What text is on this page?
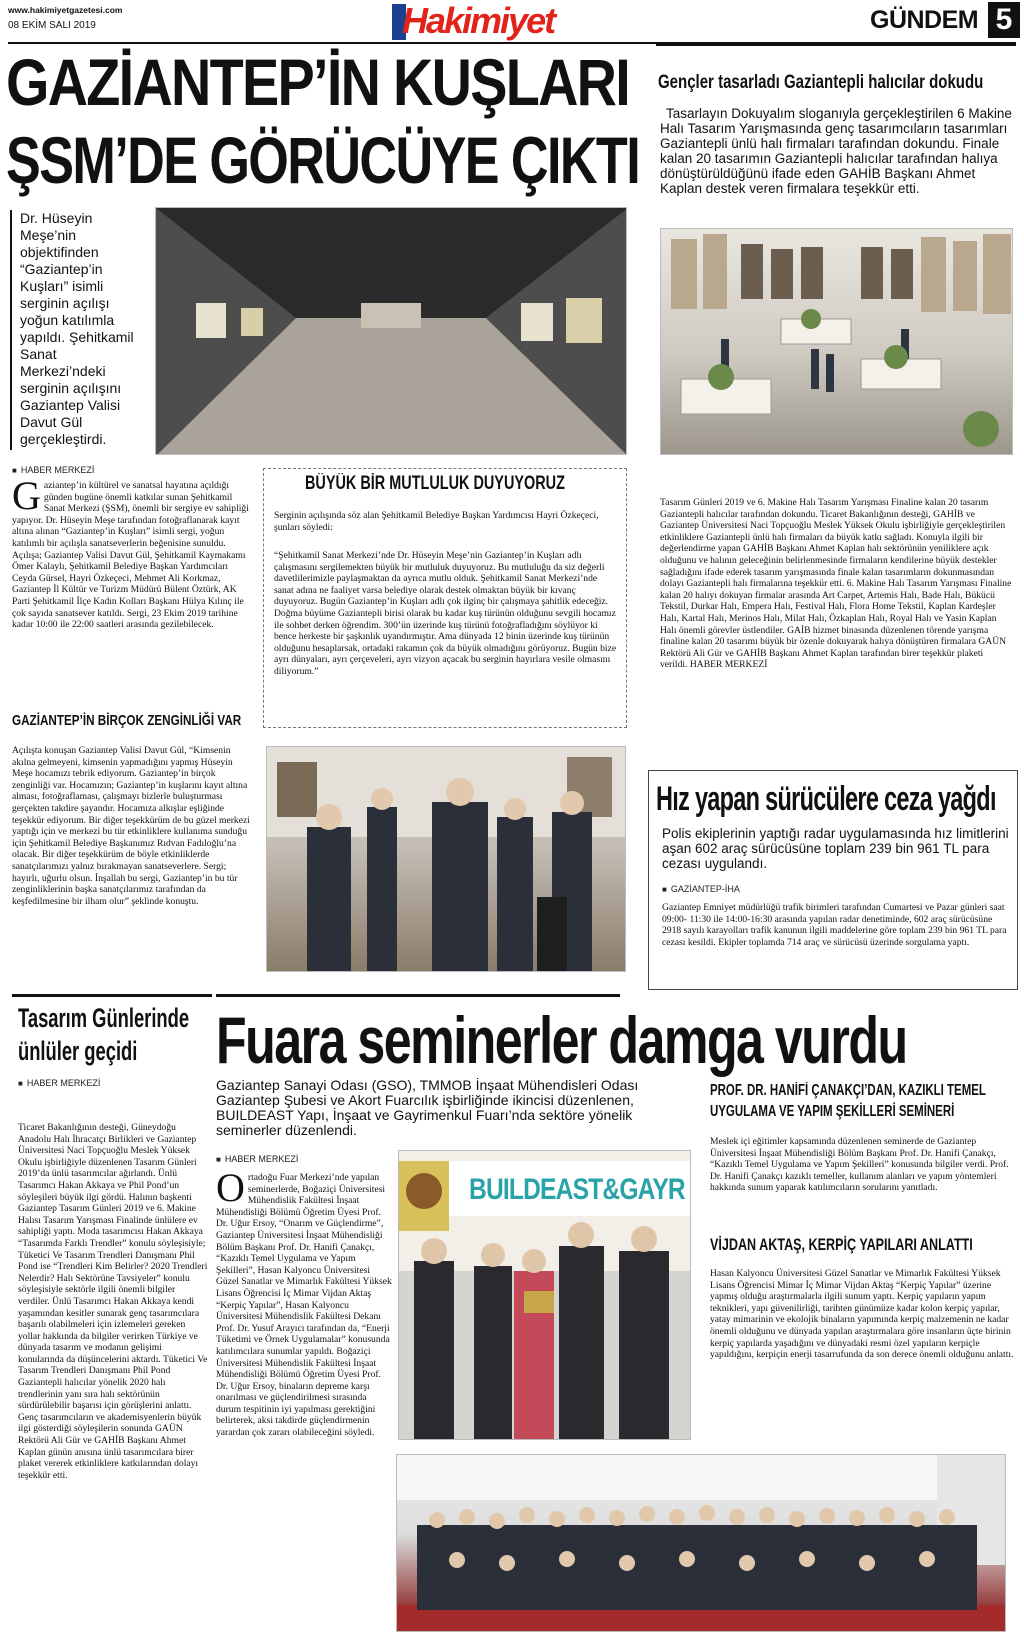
www.hakimiyetgazetesi.com
08 EKİM SALI 2019	Hakimiyet	GÜNDEM 5
GAZİANTEP’İN KUŞLARI
ŞSM’DE GÖRÜCÜYE ÇIKTI
Dr. Hüseyin Meşe’nin objektifinden “Gaziantep’in Kuşları” isimli serginin açılışı yoğun katılımla yapıldı. Şehitkamil Sanat Merkezi’ndeki serginin açılışını Gaziantep Valisi Davut Gül gerçekleştirdi.
■ HABER MERKEZİ
Gaziantep’in kültürel ve sanatsal hayatına açıldığı günden bugüne önemli katkılar sunan Şehitkamil Sanat Merkezi (ŞSM), önemli bir sergiye ev sahipliği yapıyor. Dr. Hüseyin Meşe tarafından fotoğraflanarak kayıt altına alınan “Gaziantep’in Kuşları” isimli sergi, yoğun katılımlı bir açılışla sanatseverlerin beğenisine sunuldu. Açılışa; Gaziantep Valisi Davut Gül, Şehitkamil Kaymakamı Ömer Kalaylı, Şehitkamil Belediye Başkan Yardımcıları Ceyda Gürsel, Hayri Özkeçeci, Mehmet Ali Korkmaz, Gaziantep İl Kültür ve Turizm Müdürü Bülent Öztürk, AK Parti Şehitkamil İlçe Kadın Kolları Başkanı Hülya Kılınç ile çok sayıda sanatsever katıldı. Sergi, 23 Ekim 2019 tarihine kadar 10:00 ile 22:00 saatleri arasında gezilebilecek.
GAZİANTEP’İN BİRÇOK ZENGİNLİĞİ VAR
Açılışta konuşan Gaziantep Valisi Davut Gül, “Kimsenin akılna gelmeyeni, kimsenin yapmadığını yapmış Hüseyin Meşe hocamızı tebrik ediyorum. Gaziantep’in birçok zenginliği var. Hocamızın; Gaziantep’in kuşlarını kayıt altına alması, fotoğraflaması, çalışmayı bizlerle buluşturması gerçekten takdire şayandır. Hocamıza alkışlar eşliğinde teşekkür ediyorum. Bir diğer teşekkürüm de bu güzel merkezi yaptığı için ve merkezi bu tür etkinliklere kullanıma sunduğu için Şehitkamil Belediye Başkanımız Rıdvan Fadıloğlu’na olacak. Bir diğer teşekkürüm de böyle etkinliklerde sanatçılarımızı yalnız bırakmayan sanatseverlere. Sergi; hayırlı, uğurlu olsun. İnşallah bu sergi, Gaziantep’in bu tür zenginliklerinin başka sanatçılarımız tarafından da keşfedilmesine bir ilham olur” şeklinde konuştu.
BÜYÜK BİR MUTLULUK DUYUYORUZ
Serginin açılışında söz alan Şehitkamil Belediye Başkan Yardımcısı Hayri Özkeçeci, şunları söyledi:
“Şehitkamil Sanat Merkezi’nde Dr. Hüseyin Meşe’nin Gaziantep’in Kuşları adlı çalışmasını sergilemekten büyük bir mutluluk duyuyoruz. Bu mutluluğu da siz değerli davetlilerimizle paylaşmaktan da ayrıca mutlu olduk. Şehitkamil Sanat Merkezi’nde sanat adına ne faaliyet varsa belediye olarak destek olmaktan büyük bir kıvanç duyuyoruz. Bugün Gaziantep’in Kuşları adlı çok ilginç bir çalışmaya şahitlik edeceğiz. Doğma büyüme Gaziantepli birisi olarak bu kadar kuş türünün olduğunu sevgili hocamız ile sohbet derken öğrendim. 300’ün üzerinde kuş türünü fotoğrafladığını söylüyor ki bence herkeste bir şaşkınlık uyandırmıştır. Ama dünyada 12 binin üzerinde kuş türünün olduğunu hesaplarsak, ortadaki rakamın çok da büyük olmadığını görüyoruz. Bugün bize ayrı dünyaları, ayrı çerçeveleri, ayrı vizyon açacak bu serginin hayırlara vesile olmasını diliyorum.”
Gençler tasarladı Gaziantepli halıcılar dokudu
Tasarlayın Dokuyalım sloganıyla gerçekleştirilen 6 Makine Halı Tasarım Yarışmasında genç tasarımcıların tasarımları Gaziantepli ünlü halı firmaları tarafından dokundu. Finale kalan 20 tasarımın Gaziantepli halıcılar tarafından halıya dönüştürüldüğünü ifade eden GAHİB Başkanı Ahmet Kaplan destek veren firmalara teşekkür etti.
Tasarım Günleri 2019 ve 6. Makine Halı Tasarım Yarışması Finaline kalan 20 tasarım Gaziantepli halıcılar tarafından dokundu. Ticaret Bakanlığının desteği, GAHİB ve Gaziantep Üniversitesi Naci Topçuoğlu Meslek Yüksek Okulu işbirliğiyle gerçekleştirilen etkinliklere Gaziantepli ünlü halı firmaları da büyük katkı sağladı. Konuyla ilgili bir değerlendirme yapan GAHİB Başkanı Ahmet Kaplan halı sektörünün yeniliklere açık olduğunu ve halının geleceğinin belirlenmesinde firmaların kendilerine büyük destekler sağladığını ifade ederek tasarım yarışmasında finale kalan tasarımların dokunmasından dolayı Gaziantepli halı firmalarına teşekkür etti. 6. Makine Halı Tasarım Yarışması Finaline kalan 20 halıyı dokuyan firmalar arasında Art Carpet, Artemis Halı, Bade Halı, Bükücü Tekstil, Durkar Halı, Empera Halı, Festival Halı, Flora Home Tekstil, Kaplan Kardeşler Halı, Kartal Halı, Merinos Halı, Milat Halı, Özkaplan Halı, Royal Halı ve Yasin Kaplan Halı önemli görevler üstlendiler. GAİB hizmet binasında düzenlenen törende yarışma finaline kalan 20 tasarımı büyük bir özenle dokuyarak halıya dönüştüren firmalara GAÜN Rektörü Ali Gür ve GAHİB Başkanı Ahmet Kaplan tarafından birer teşekkür plaketi verildi. HABER MERKEZİ
Hız yapan sürücülere ceza yağdı
Polis ekiplerinin yaptığı radar uygulamasında hız limitlerini aşan 602 araç sürücüsüne toplam 239 bin 961 TL para cezası uygulandı.
■ GAZİANTEP-İHA
Gaziantep Emniyet müdürlüğü trafik birimleri tarafından Cumartesi ve Pazar günleri saat 09:00- 11:30 ile 14:00-16:30 arasında yapılan radar denetiminde, 602 araç sürücüsüne 2918 sayılı karayolları trafik kanunun ilgili maddelerine göre toplam 239 bin 961 TL para cezası kesildi. Ekipler toplamda 714 araç ve sürücüsü üzerinde sorgulama yaptı.
Tasarım Günlerinde
ünlüler geçidi
■ HABER MERKEZİ
Ticaret Bakanlığının desteği, Güneydoğu Anadolu Halı İhracatçı Birlikleri ve Gaziantep Üniversitesi Naci Topçuoğlu Meslek Yüksek Okulu işbirliğiyle düzenlenen Tasarım Günleri 2019’da ünlü tasarımcılar ağırlandı. Ünlü Tasarımcı Hakan Akkaya ve Phil Pond’un söyleşileri büyük ilgi gördü. Halının başkenti Gaziantep Tasarım Günleri 2019 ve 6. Makine Halısı Tasarım Yarışması Finalinde ünlülere ev sahipliği yaptı. Moda tasarımcısı Hakan Akkaya “Tasarımda Farklı Trendler” konulu söyleşisiyle; Tüketici Ve Tasarım Trendleri Danışmanı Phil Pond ise “Trendleri Kim Belirler? 2020 Trendleri Nelerdir? Halı Sektörüne Tavsiyeler” konulu söyleşisiyle sektörle ilgili önemli bilgiler verdiler. Ünlü Tasarımcı Hakan Akkaya kendi yaşamından kesitler sunarak genç tasarımcılara başarılı olabilmeleri için izlemeleri gereken yollar hakkında da bilgiler verirken Türkiye ve dünyada tasarım ve modanın gelişimi konularında da düşüncelerini aktardı. Tüketici Ve Tasarım Trendleri Danışmanı Phil Pond Gaziantepli halıcılar yönelik 2020 halı trendlerinin yanı sıra halı sektörünün sürdürülebilir başarısı için görüşlerini anlattı. Genç tasarımcıların ve akademisyenlerin büyük ilgi gösterdiği söyleşilerin sonunda GAÜN Rektörü Ali Gür ve GAHİB Başkanı Ahmet Kaplan günün anısına ünlü tasarımcılara birer plaket vererek etkinliklere katkılarından dolayı teşekkür etti.
Fuara seminerler damga vurdu
Gaziantep Sanayi Odası (GSO), TMMOB İnşaat Mühendisleri Odası Gaziantep Şubesi ve Akort Fuarcılık işbirliğinde ikincisi düzenlenen, BUILDEAST Yapı, İnşaat ve Gayrimenkul Fuarı’nda sektöre yönelik seminerler düzenlendi.
■ HABER MERKEZİ
Ortadoğu Fuar Merkezi’nde yapılan seminerlerde, Boğaziçi Üniversitesi Mühendislik Fakültesi İnşaat Mühendisliği Bölümü Öğretim Üyesi Prof. Dr. Uğur Ersoy, “Onarım ve Güçlendirme”, Gaziantep Üniversitesi İnşaat Mühendisliği Bölüm Başkanı Prof. Dr. Hanifi Çanakçı, “Kazıklı Temel Uygulama ve Yapım Şekilleri”, Hasan Kalyoncu Üniversitesi Güzel Sanatlar ve Mimarlık Fakültesi Yüksek Lisans Öğrencisi İç Mimar Vijdan Aktaş “Kerpiç Yapılar”, Hasan Kalyoncu Üniversitesi Mühendislik Fakültesi Dekanı Prof. Dr. Yusuf Arayıcı tarafından da, “Enerji Tüketimi ve Örnek Uygulamalar” konusunda katılımcılara sunumlar yapıldı. Boğaziçi Üniversitesi Mühendislik Fakültesi İnşaat Mühendisliği Bölümü Öğretim Üyesi Prof. Dr. Uğur Ersoy, binaların depreme karşı onarılması ve güçlendirilmesi sırasında durum tespitinin iyi yapılması gerektiğini belirterek, aksi takdirde güçlendirmenin yarardan çok zararı olabileceğini söyledi.
BUILDEAST&GAYR
PROF. DR. HANİFİ ÇANAKÇI’DAN, KAZIKLI TEMEL UYGULAMA VE YAPIM ŞEKİLLERİ SEMİNERİ
Meslek içi eğitimler kapsamında düzenlenen seminerde de Gaziantep Üniversitesi İnşaat Mühendisliği Bölüm Başkanı Prof. Dr. Hanifi Çanakçı, “Kazıklı Temel Uygulama ve Yapım Şekilleri” konusunda bilgiler verdi. Prof. Dr. Hanifi Çanakçı kazıklı temeller, kullanım alanları ve yapım yöntemleri hakkında sunum yaparak katılımcıların sorularını yanıtladı.
VİJDAN AKTAŞ, KERPİÇ YAPILARI ANLATTI
Hasan Kalyoncu Üniversitesi Güzel Sanatlar ve Mimarlık Fakültesi Yüksek Lisans Öğrencisi Mimar İç Mimar Vijdan Aktaş “Kerpiç Yapılar” üzerine yapmış olduğu araştırmalarla ilgili sunum yaptı. Kerpiç yapıların yapım teknikleri, yapı güvenilirliği, tarihten günümüze kadar kolon kerpiç yapılar, yatay mimarinin ve ekolojik binaların yapımında kerpiç malzemenin ne kadar önemli olduğunu ve dünyada yapılan araştırmalara göre insanların üçte birinin kerpiç yapılarda yaşadığını ve dünyadaki resmi özel yapıların kerpiçle yapıldığını, kerpiçin enerji tasarrufunda da son derece önemli olduğunu anlattı.
